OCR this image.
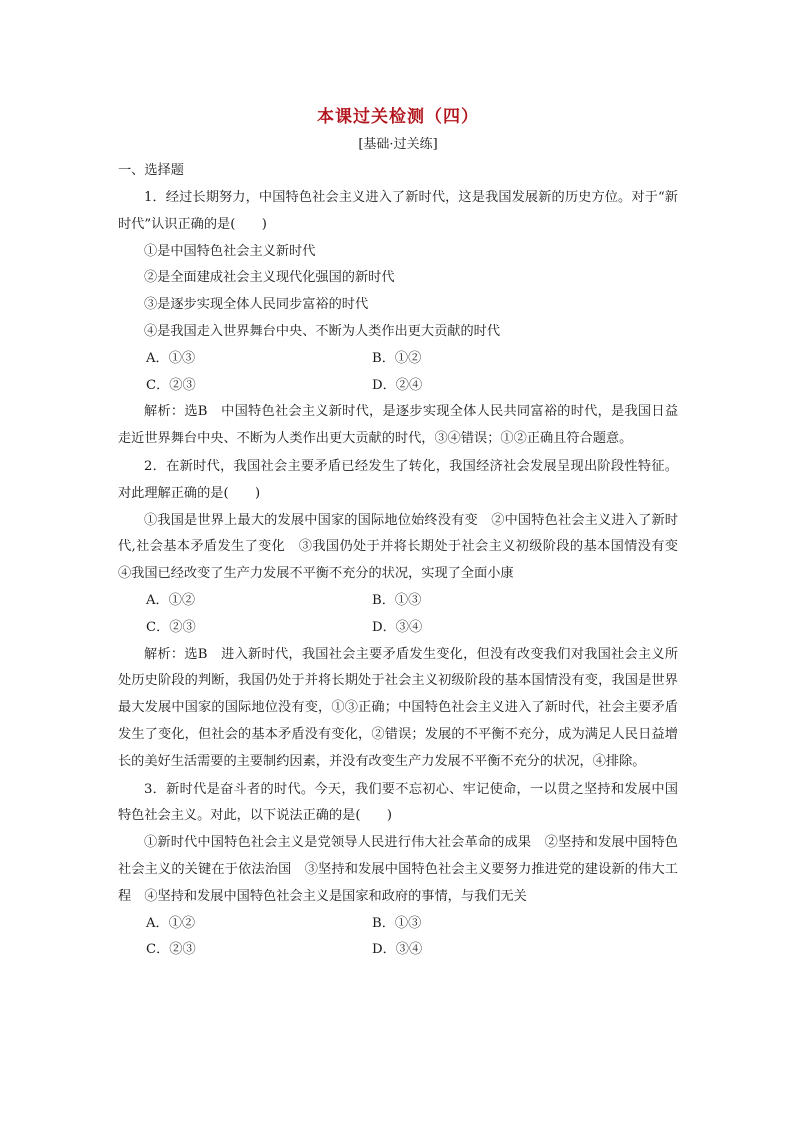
本课过关检测（四）
[基础·过关练]
一、选择题

1．经过长期努力，中国特色社会主义进入了新时代，这是我国发展新的历史方位。对于“新时代”认识正确的是(　　)

①是中国特色社会主义新时代

②是全面建成社会主义现代化强国的新时代

③是逐步实现全体人民同步富裕的时代

④是我国走入世界舞台中央、不断为人类作出更大贡献的时代

A．①③	B．①②
C．②③	D．②④

解析：选B　中国特色社会主义新时代，是逐步实现全体人民共同富裕的时代，是我国日益走近世界舞台中央、不断为人类作出更大贡献的时代，③④错误；①②正确且符合题意。

2．在新时代，我国社会主要矛盾已经发生了转化，我国经济社会发展呈现出阶段性特征。对此理解正确的是(　　)

①我国是世界上最大的发展中国家的国际地位始终没有变　②中国特色社会主义进入了新时代,社会基本矛盾发生了变化　③我国仍处于并将长期处于社会主义初级阶段的基本国情没有变　④我国已经改变了生产力发展不平衡不充分的状况，实现了全面小康

A．①②	B．①③
C．②③	D．③④

解析：选B　进入新时代，我国社会主要矛盾发生变化，但没有改变我们对我国社会主义所处历史阶段的判断，我国仍处于并将长期处于社会主义初级阶段的基本国情没有变，我国是世界最大发展中国家的国际地位没有变，①③正确；中国特色社会主义进入了新时代，社会主要矛盾发生了变化，但社会的基本矛盾没有变化，②错误；发展的不平衡不充分，成为满足人民日益增长的美好生活需要的主要制约因素，并没有改变生产力发展不平衡不充分的状况，④排除。

3．新时代是奋斗者的时代。今天，我们要不忘初心、牢记使命，一以贯之坚持和发展中国特色社会主义。对此，以下说法正确的是(　　)

①新时代中国特色社会主义是党领导人民进行伟大社会革命的成果　②坚持和发展中国特色社会主义的关键在于依法治国　③坚持和发展中国特色社会主义要努力推进党的建设新的伟大工程　④坚持和发展中国特色社会主义是国家和政府的事情，与我们无关

A．①②	B．①③
C．②③	D．③④
